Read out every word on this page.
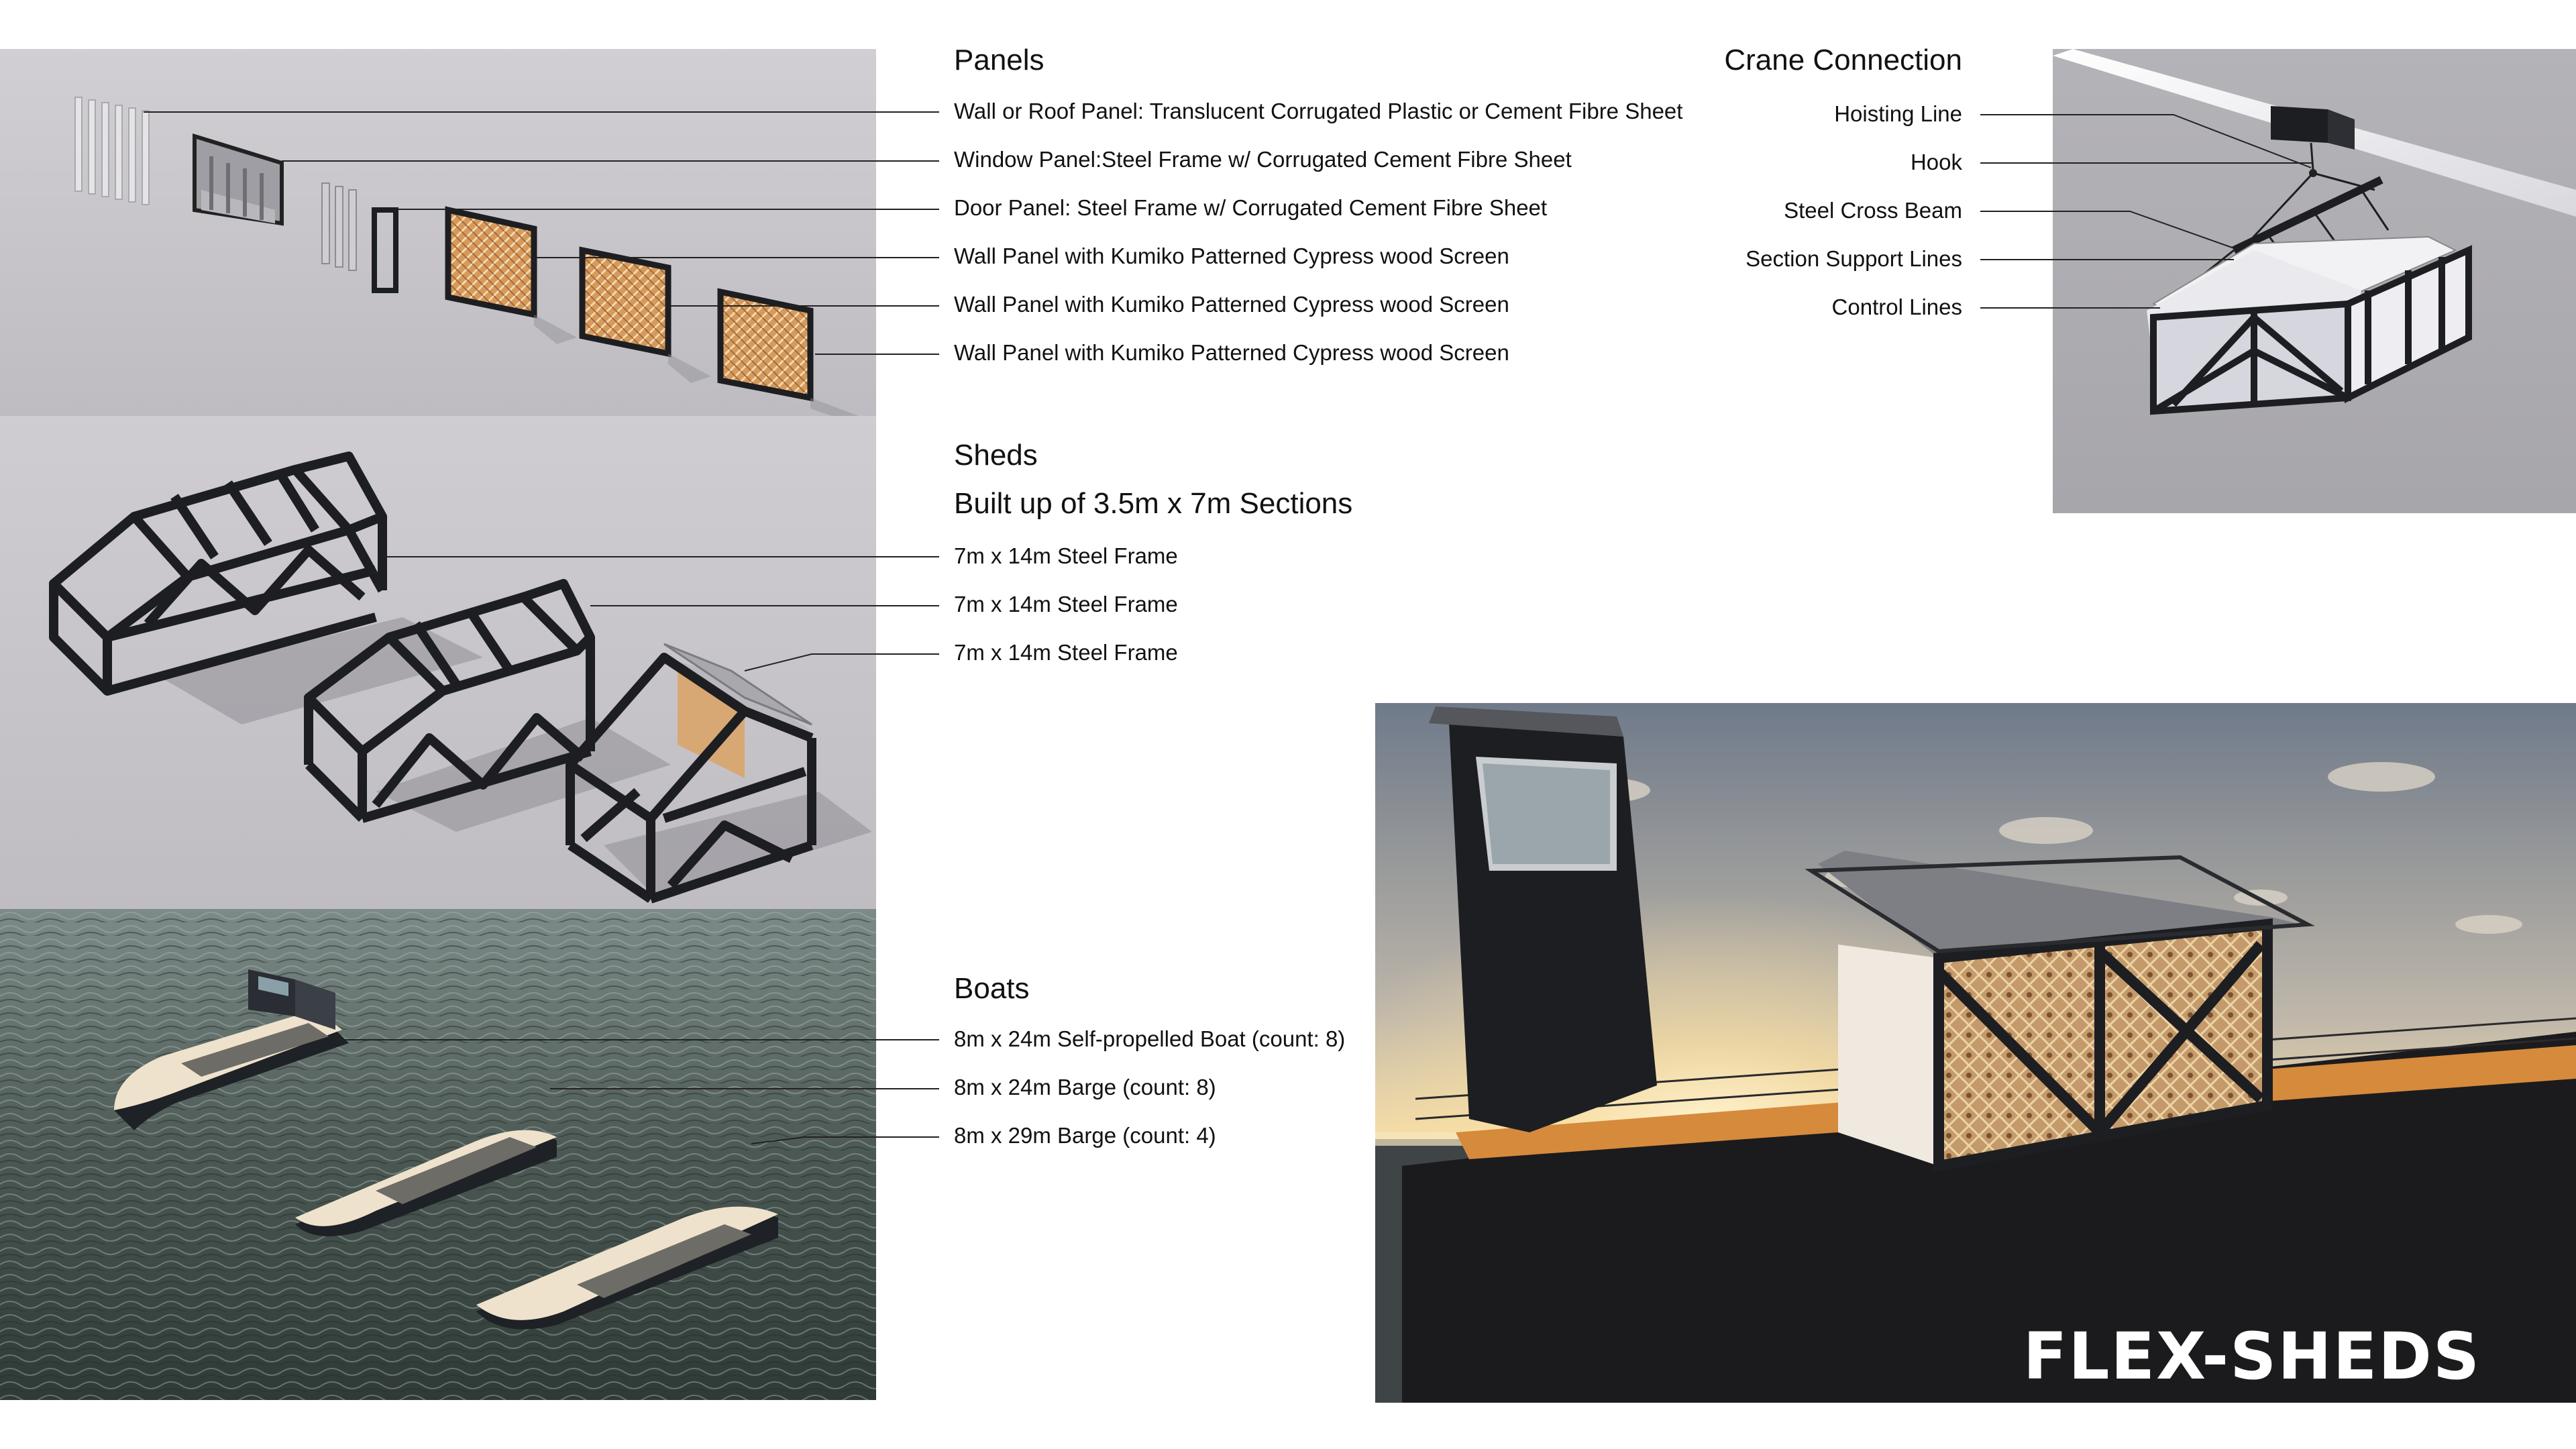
Panels
Wall or Roof Panel: Translucent Corrugated Plastic or Cement Fibre Sheet
Window Panel:Steel Frame w/ Corrugated Cement Fibre Sheet
Door Panel: Steel Frame w/ Corrugated Cement Fibre Sheet
Wall Panel with Kumiko Patterned Cypress wood Screen
Wall Panel with Kumiko Patterned Cypress wood Screen
Wall Panel with Kumiko Patterned Cypress wood Screen
Sheds
Built up of 3.5m x 7m Sections
7m x 14m Steel Frame
7m x 14m Steel Frame
7m x 14m Steel Frame
Boats
8m x 24m Self-propelled Boat (count: 8)
8m x 24m Barge (count: 8)
8m x 29m Barge (count: 4)
Crane Connection
Hoisting Line
Hook
Steel Cross Beam
Section Support Lines
Control Lines
FLEX-SHEDS
